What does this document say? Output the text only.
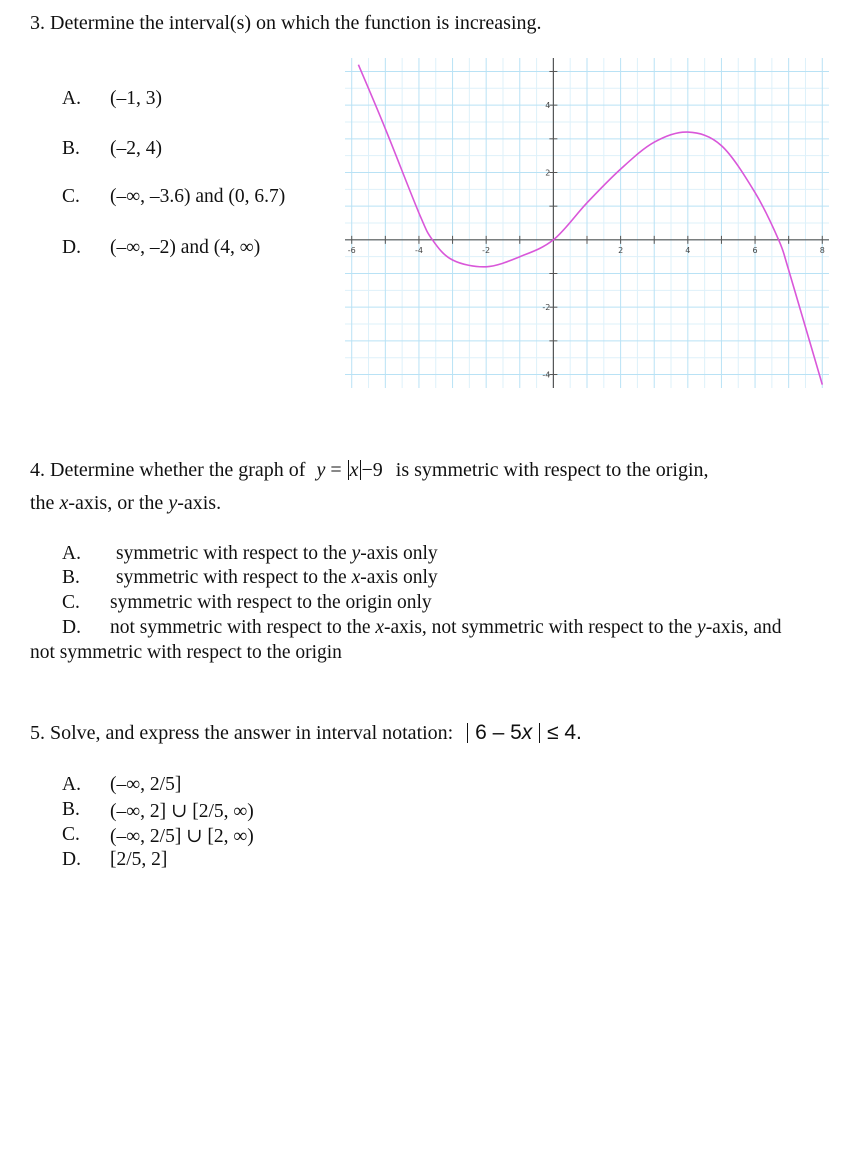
3. Determine the interval(s) on which the function is increasing.
A. (–1, 3)
B. (–2, 4)
C. (–∞, –3.6) and (0, 6.7)
D. (–∞, –2) and (4, ∞)	-6	-4	-2	2	4	6	8
4
2
-2
-4
4. Determine whether the graph of y = x −9 is symmetric with respect to the origin,
the x-axis, or the y-axis.
A. symmetric with respect to the y-axis only
B. symmetric with respect to the x-axis only
C. symmetric with respect to the origin only
D. not symmetric with respect to the x-axis, not symmetric with respect to the y-axis, and
not symmetric with respect to the origin
5. Solve, and express the answer in interval notation: 6 – 5x ≤ 4.
A. (–∞, 2/5]
B. (–∞, 2] ∪ [2/5, ∞)
C. (–∞, 2/5] ∪ [2, ∞)
D. [2/5, 2]
